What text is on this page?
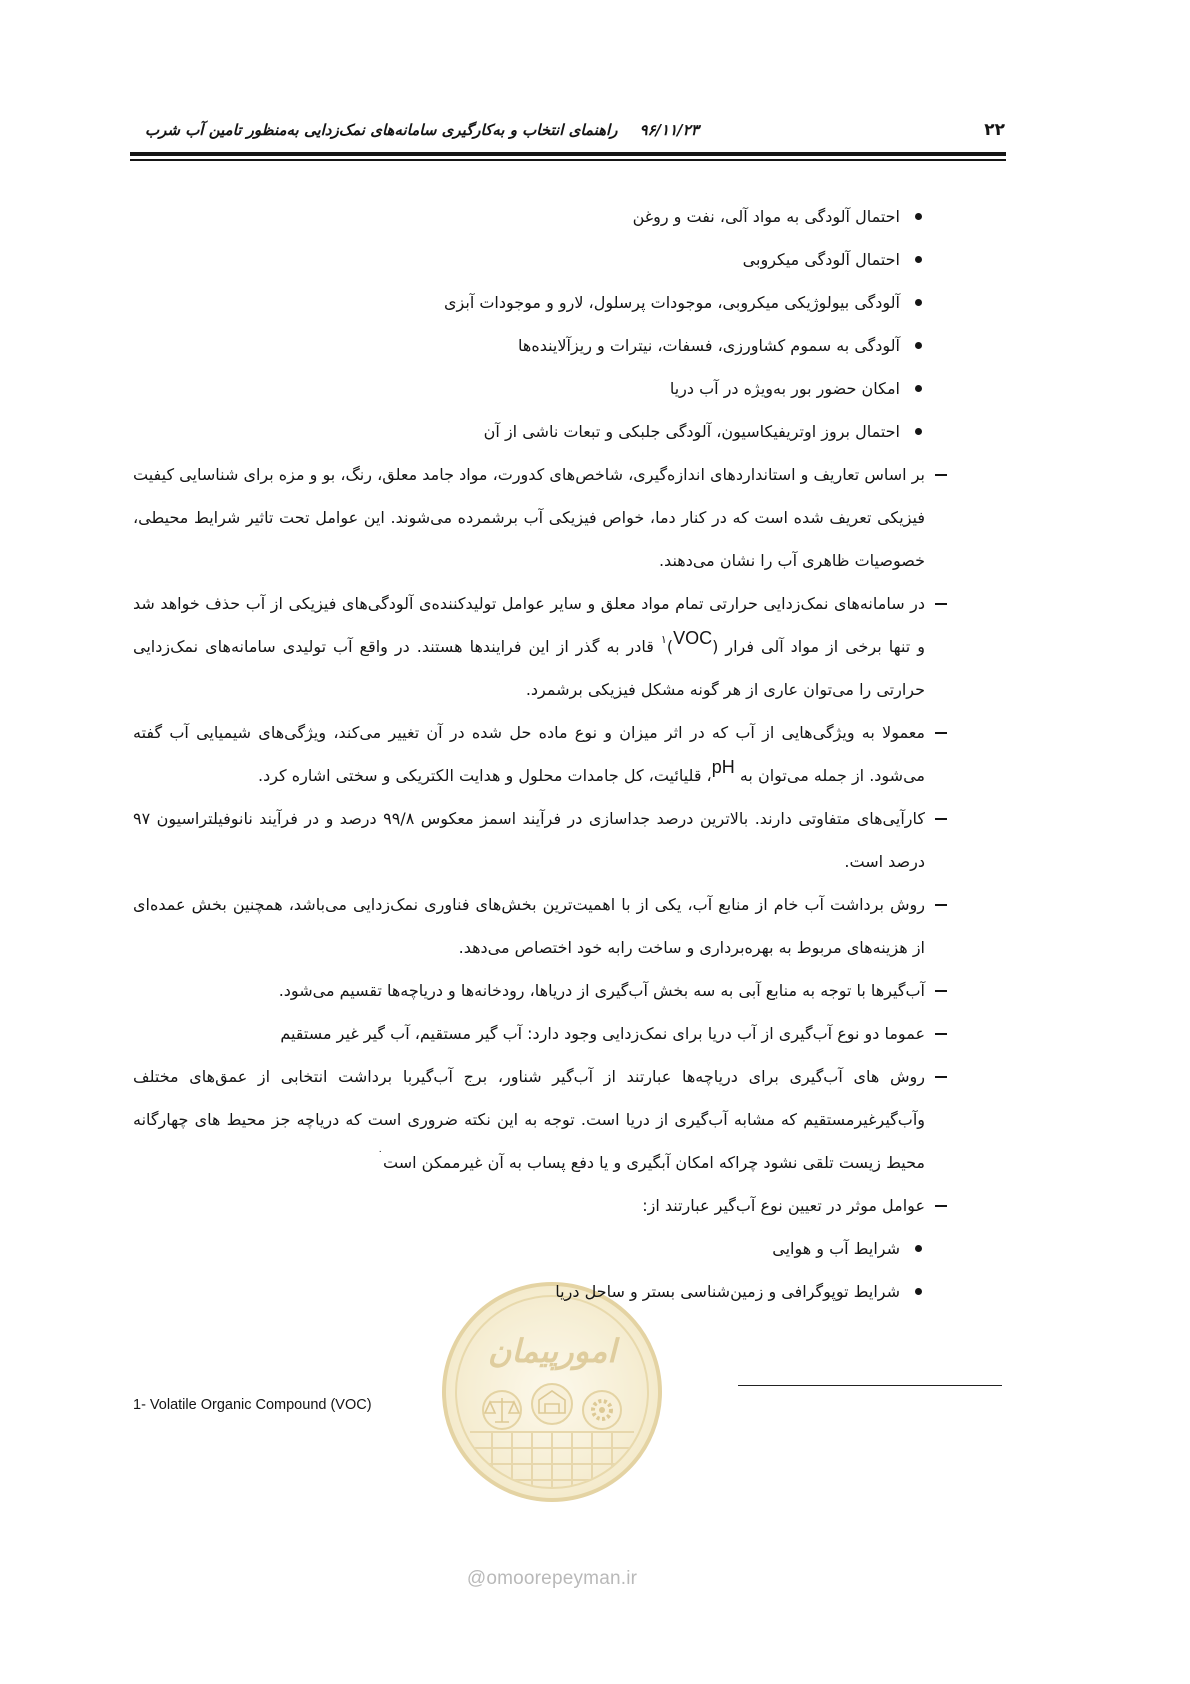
۲۲
۹۶/۱۱/۲۳
راهنمای انتخاب و به‌کارگیری سامانه‌های نمک‌زدایی به‌منظور تامین آب شرب
امورپیمان
@omoorepeyman.ir
احتمال آلودگی به مواد آلی، نفت و روغن
احتمال آلودگی میکروبی
آلودگی بیولوژیکی میکروبی، موجودات پرسلول، لارو و موجودات آبزی
آلودگی به سموم کشاورزی، فسفات، نیترات و ریزآلاینده‌ها
امکان حضور بور به‌ویژه در آب دریا
احتمال بروز اوتریفیکاسیون، آلودگی جلبکی و تبعات ناشی از آن
بر اساس تعاریف و استانداردهای اندازه‌گیری، شاخص‌های کدورت، مواد جامد معلق، رنگ، بو و مزه برای شناسایی کیفیت فیزیکی تعریف شده است که در کنار دما، خواص فیزیکی آب برشمرده می‌شوند. این عوامل تحت تاثیر شرایط محیطی، خصوصیات ظاهری آب را نشان می‌دهند.
در سامانه‌های نمک‌زدایی حرارتی تمام مواد معلق و سایر عوامل تولیدکننده‌ی آلودگی‌های فیزیکی از آب حذف خواهد شد و تنها برخی از مواد آلی فرار (VOC)$^۱$ قادر به گذر از این فرایندها هستند. در واقع آب تولیدی سامانه‌های نمک‌زدایی حرارتی را می‌توان عاری از هر گونه مشکل فیزیکی برشمرد.
معمولا به ویژگی‌هایی از آب که در اثر میزان و نوع ماده حل شده در آن تغییر می‌کند، ویژگی‌های شیمیایی آب گفته می‌شود. از جمله می‌توان به pH، قلیائیت، کل جامدات محلول و هدایت الکتریکی و سختی اشاره کرد.
کارآیی‌های متفاوتی دارند. بالاترین درصد جداسازی در فرآیند اسمز معکوس ۹۹/۸ درصد و در فرآیند نانوفیلتراسیون ۹۷ درصد است.
روش برداشت آب خام از منابع آب، یکی از با اهمیت‌ترین بخش‌های فناوری نمک‌زدایی می‌باشد، همچنین بخش عمده‌ای از هزینه‌های مربوط به بهره‌برداری و ساخت رابه خود اختصاص می‌دهد.
آب‌گیرها با توجه به منابع آبی به سه بخش آب‌گیری از دریاها، رودخانه‌ها و دریاچه‌ها تقسیم می‌شود.
عموما دو نوع آب‌گیری از آب دریا برای نمک‌زدایی وجود دارد: آب گیر مستقیم، آب گیر غیر مستقیم
روش های آب‌گیری برای دریاچه‌ها عبارتند از آب‌گیر شناور، برج آب‌گیربا برداشت انتخابی از عمق‌های مختلف وآب‌گیرغیرمستقیم که مشابه آب‌گیری از دریا است. توجه به این نکته ضروری است که دریاچه جز محیط های چهارگانه محیط زیست تلقی نشود چراکه امکان آبگیری و یا دفع پساب به آن غیرممکن است˙
عوامل موثر در تعیین نوع آب‌گیر عبارتند از:
شرایط آب و هوایی
شرایط توپوگرافی و زمین‌شناسی بستر و ساحل دریا
1- Volatile Organic Compound (VOC)
